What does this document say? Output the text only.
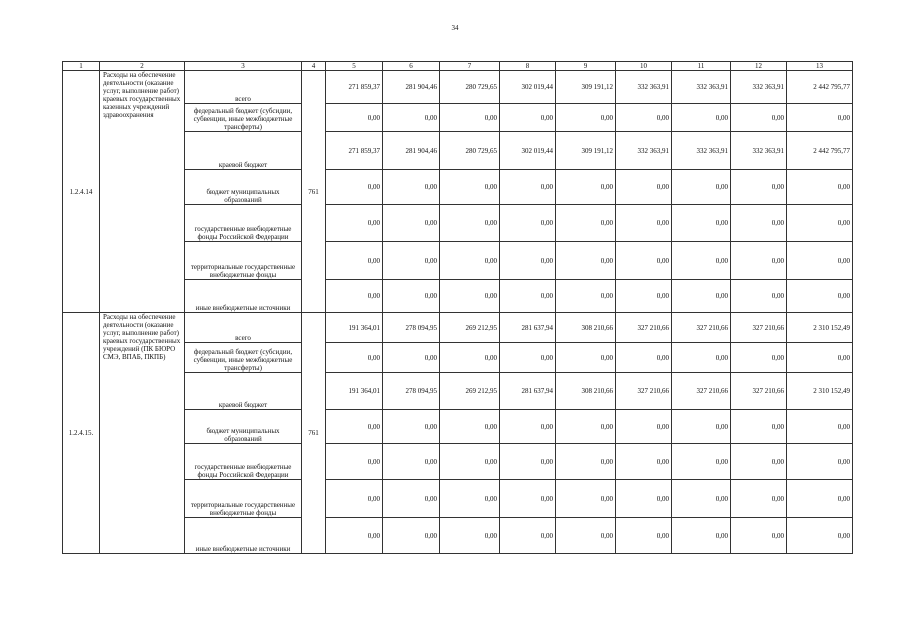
34
1	2	3	4	5	6	7	8	9	10	11	12	13
1.2.4.14	Расходы на обеспечение деятельности (оказание услуг, выполнение работ) краевых государственных казенных учреждений здравоохранения	всего	761	271 859,37	281 904,46	280 729,65	302 019,44	309 191,12	332 363,91	332 363,91	332 363,91	2 442 795,77
		федеральный бюджет (субсидии, субвенции, иные межбюджетные трансферты)		0,00	0,00	0,00	0,00	0,00	0,00	0,00	0,00	0,00
		краевой бюджет		271 859,37	281 904,46	280 729,65	302 019,44	309 191,12	332 363,91	332 363,91	332 363,91	2 442 795,77
		бюджет муниципальных образований		0,00	0,00	0,00	0,00	0,00	0,00	0,00	0,00	0,00
		государственные внебюджетные фонды Российской Федерации		0,00	0,00	0,00	0,00	0,00	0,00	0,00	0,00	0,00
		территориальные государственные внебюджетные фонды		0,00	0,00	0,00	0,00	0,00	0,00	0,00	0,00	0,00
		иные внебюджетные источники		0,00	0,00	0,00	0,00	0,00	0,00	0,00	0,00	0,00
1.2.4.15.	Расходы на обеспечение деятельности (оказание услуг, выполнение работ) краевых государственных учреждений (ПК БЮРО СМЭ, ВПАБ, ПКПБ)	всего	761	191 364,01	278 094,95	269 212,95	281 637,94	308 210,66	327 210,66	327 210,66	327 210,66	2 310 152,49
		федеральный бюджет (субсидии, субвенции, иные межбюджетные трансферты)		0,00	0,00	0,00	0,00	0,00	0,00	0,00	0,00	0,00
		краевой бюджет		191 364,01	278 094,95	269 212,95	281 637,94	308 210,66	327 210,66	327 210,66	327 210,66	2 310 152,49
		бюджет муниципальных образований		0,00	0,00	0,00	0,00	0,00	0,00	0,00	0,00	0,00
		государственные внебюджетные фонды Российской Федерации		0,00	0,00	0,00	0,00	0,00	0,00	0,00	0,00	0,00
		территориальные государственные внебюджетные фонды		0,00	0,00	0,00	0,00	0,00	0,00	0,00	0,00	0,00
		иные внебюджетные источники		0,00	0,00	0,00	0,00	0,00	0,00	0,00	0,00	0,00
